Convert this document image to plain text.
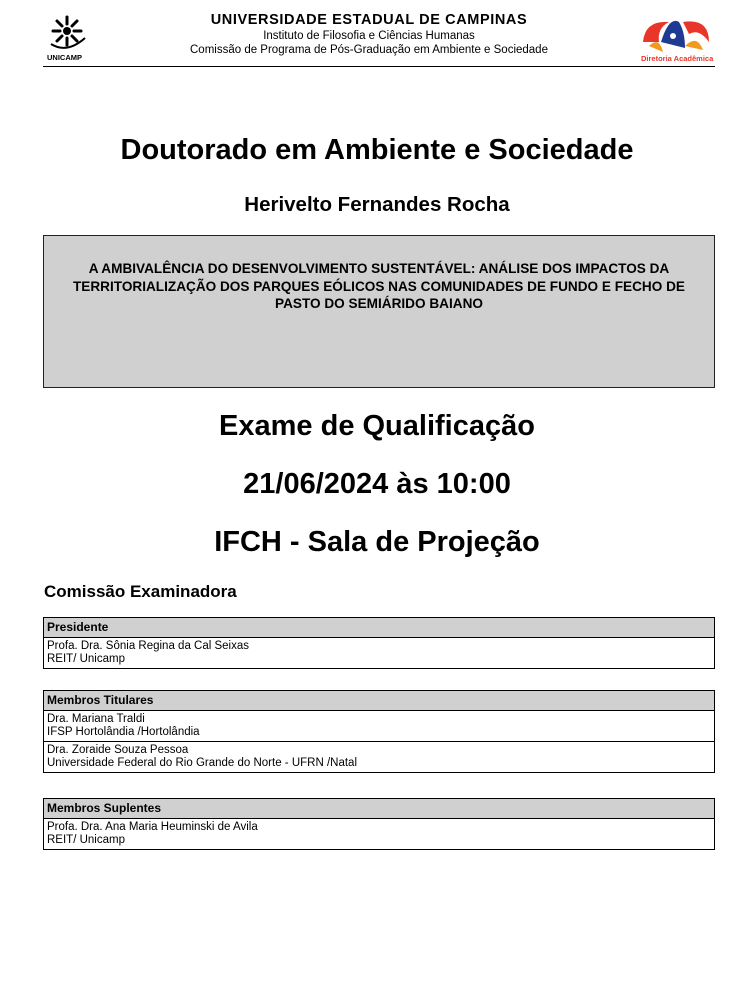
UNICAMP
UNIVERSIDADE ESTADUAL DE CAMPINAS
Instituto de Filosofia e Ciências Humanas
Comissão de Programa de Pós-Graduação em Ambiente e Sociedade
Diretoria Acadêmica
Doutorado em Ambiente e Sociedade
Herivelto Fernandes Rocha
A AMBIVALÊNCIA DO DESENVOLVIMENTO SUSTENTÁVEL: ANÁLISE DOS IMPACTOS DA TERRITORIALIZAÇÃO DOS PARQUES EÓLICOS NAS COMUNIDADES DE FUNDO E FECHO DE PASTO DO SEMIÁRIDO BAIANO
Exame de Qualificação
21/06/2024 às 10:00
IFCH - Sala de Projeção
Comissão Examinadora
Presidente
Profa. Dra. Sônia Regina da Cal Seixas
REIT/ Unicamp
Membros Titulares
Dra. Mariana Traldi
IFSP Hortolândia /Hortolândia
Dra. Zoraide Souza Pessoa
Universidade Federal do Rio Grande do Norte - UFRN /Natal
Membros Suplentes
Profa. Dra. Ana Maria Heuminski de Avila
REIT/ Unicamp
